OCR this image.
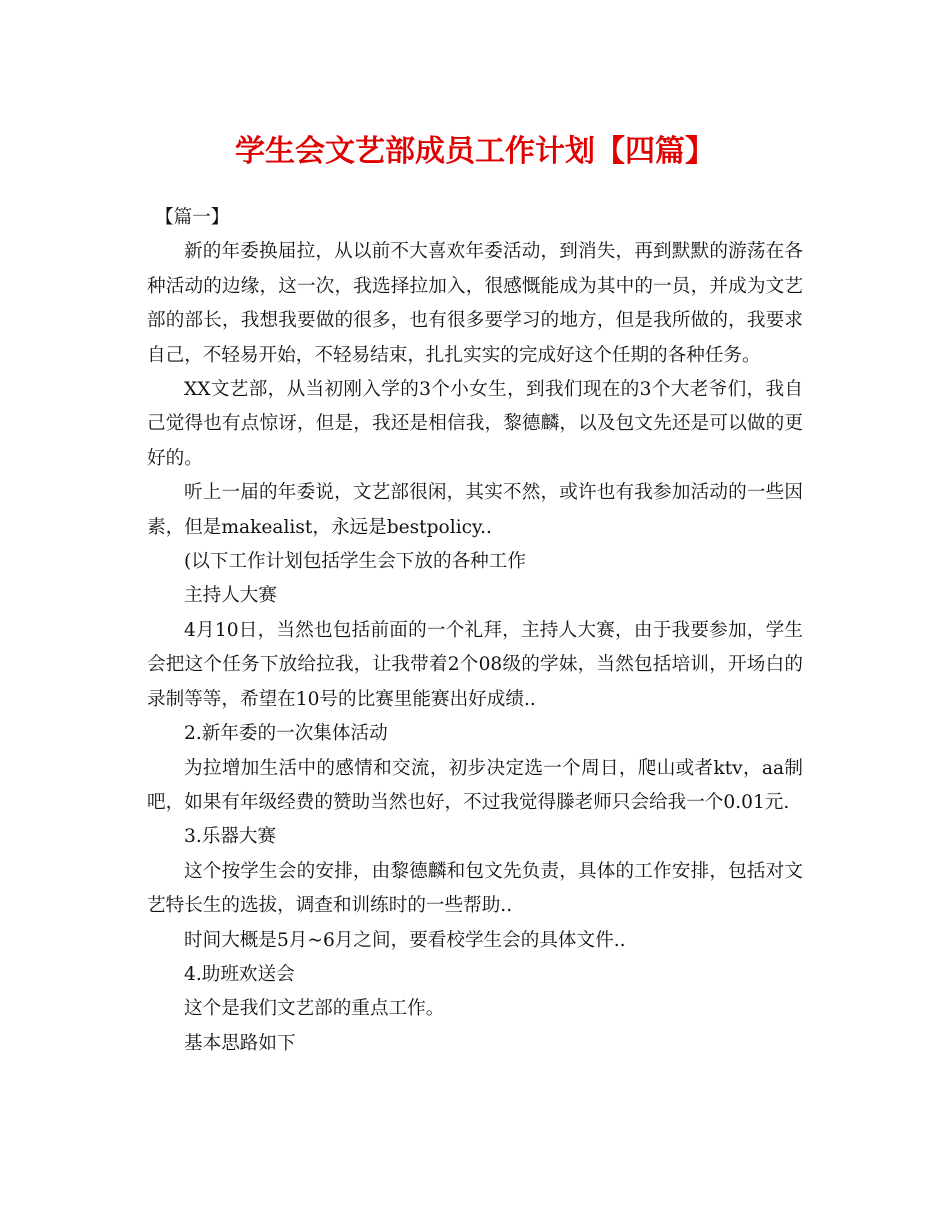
学生会文艺部成员工作计划【四篇】

【篇一】

新的年委换届拉，从以前不大喜欢年委活动，到消失，再到默默的游荡在各种活动的边缘，这一次，我选择拉加入，很感慨能成为其中的一员，并成为文艺部的部长，我想我要做的很多，也有很多要学习的地方，但是我所做的，我要求自己，不轻易开始，不轻易结束，扎扎实实的完成好这个任期的各种任务。

XX文艺部，从当初刚入学的3个小女生，到我们现在的3个大老爷们，我自己觉得也有点惊讶，但是，我还是相信我，黎德麟，以及包文先还是可以做的更好的。

听上一届的年委说，文艺部很闲，其实不然，或许也有我参加活动的一些因素，但是makealist，永远是bestpolicy..

(以下工作计划包括学生会下放的各种工作

主持人大赛

4月10日，当然也包括前面的一个礼拜，主持人大赛，由于我要参加，学生会把这个任务下放给拉我，让我带着2个08级的学妹，当然包括培训，开场白的录制等等，希望在10号的比赛里能赛出好成绩..

2.新年委的一次集体活动

为拉增加生活中的感情和交流，初步决定选一个周日，爬山或者ktv，aa制吧，如果有年级经费的赞助当然也好，不过我觉得滕老师只会给我一个0.01元.

3.乐器大赛

这个按学生会的安排，由黎德麟和包文先负责，具体的工作安排，包括对文艺特长生的选拔，调查和训练时的一些帮助..

时间大概是5月~6月之间，要看校学生会的具体文件..

4.助班欢送会

这个是我们文艺部的重点工作。

基本思路如下
